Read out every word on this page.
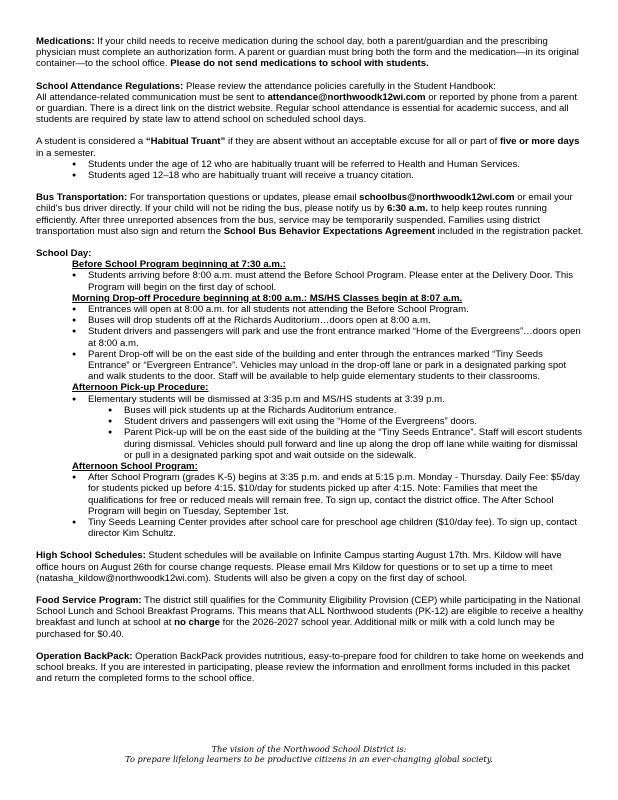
Medications: If your child needs to receive medication during the school day, both a parent/guardian and the prescribing physician must complete an authorization form. A parent or guardian must bring both the form and the medication—in its original container—to the school office. Please do not send medications to school with students.

School Attendance Regulations: Please review the attendance policies carefully in the Student Handbook:
All attendance-related communication must be sent to attendance@northwoodk12wi.com or reported by phone from a parent or guardian. There is a direct link on the district website. Regular school attendance is essential for academic success, and all students are required by state law to attend school on scheduled school days.

A student is considered a “Habitual Truant” if they are absent without an acceptable excuse for all or part of five or more days in a semester.
● Students under the age of 12 who are habitually truant will be referred to Health and Human Services.
● Students aged 12–18 who are habitually truant will receive a truancy citation.

Bus Transportation: For transportation questions or updates, please email schoolbus@northwoodk12wi.com or email your child's bus driver directly. If your child will not be riding the bus, please notify us by 6:30 a.m. to help keep routes running efficiently. After three unreported absences from the bus, service may be temporarily suspended. Families using district transportation must also sign and return the School Bus Behavior Expectations Agreement included in the registration packet.

School Day:
Before School Program beginning at 7:30 a.m.:
● Students arriving before 8:00 a.m. must attend the Before School Program. Please enter at the Delivery Door. This Program will begin on the first day of school.
Morning Drop-off Procedure beginning at 8:00 a.m.: MS/HS Classes begin at 8:07 a.m.
● Entrances will open at 8:00 a.m. for all students not attending the Before School Program.
● Buses will drop students off at the Richards Auditorium…doors open at 8:00 a.m.
● Student drivers and passengers will park and use the front entrance marked “Home of the Evergreens”…doors open at 8:00 a.m.
● Parent Drop-off will be on the east side of the building and enter through the entrances marked “Tiny Seeds Entrance” or “Evergreen Entrance”. Vehicles may unload in the drop-off lane or park in a designated parking spot and walk students to the door. Staff will be available to help guide elementary students to their classrooms.
Afternoon Pick-up Procedure:
● Elementary students will be dismissed at 3:35 p.m and MS/HS students at 3:39 p.m.
● Buses will pick students up at the Richards Auditorium entrance.
● Student drivers and passengers will exit using the “Home of the Evergreens” doors.
● Parent Pick-up will be on the east side of the building at the “Tiny Seeds Entrance”. Staff will escort students during dismissal. Vehicles should pull forward and line up along the drop off lane while waiting for dismissal or pull in a designated parking spot and wait outside on the sidewalk.
Afternoon School Program:
● After School Program (grades K-5) begins at 3:35 p.m. and ends at 5:15 p.m. Monday - Thursday. Daily Fee: $5/day for students picked up before 4:15. $10/day for students picked up after 4:15. Note: Families that meet the qualifications for free or reduced meals will remain free. To sign up, contact the district office. The After School Program will begin on Tuesday, September 1st.
● Tiny Seeds Learning Center provides after school care for preschool age children ($10/day fee). To sign up, contact director Kim Schultz.

High School Schedules: Student schedules will be available on Infinite Campus starting August 17th. Mrs. Kildow will have office hours on August 26th for course change requests. Please email Mrs Kildow for questions or to set up a time to meet (natasha_kildow@northwoodk12wi.com). Students will also be given a copy on the first day of school.

Food Service Program: The district still qualifies for the Community Eligibility Provision (CEP) while participating in the National School Lunch and School Breakfast Programs. This means that ALL Northwood students (PK-12) are eligible to receive a healthy breakfast and lunch at school at no charge for the 2026-2027 school year. Additional milk or milk with a cold lunch may be purchased for $0.40.

Operation BackPack: Operation BackPack provides nutritious, easy-to-prepare food for children to take home on weekends and school breaks. If you are interested in participating, please review the information and enrollment forms included in this packet and return the completed forms to the school office.

The vision of the Northwood School District is:
To prepare lifelong learners to be productive citizens in an ever-changing global society.
